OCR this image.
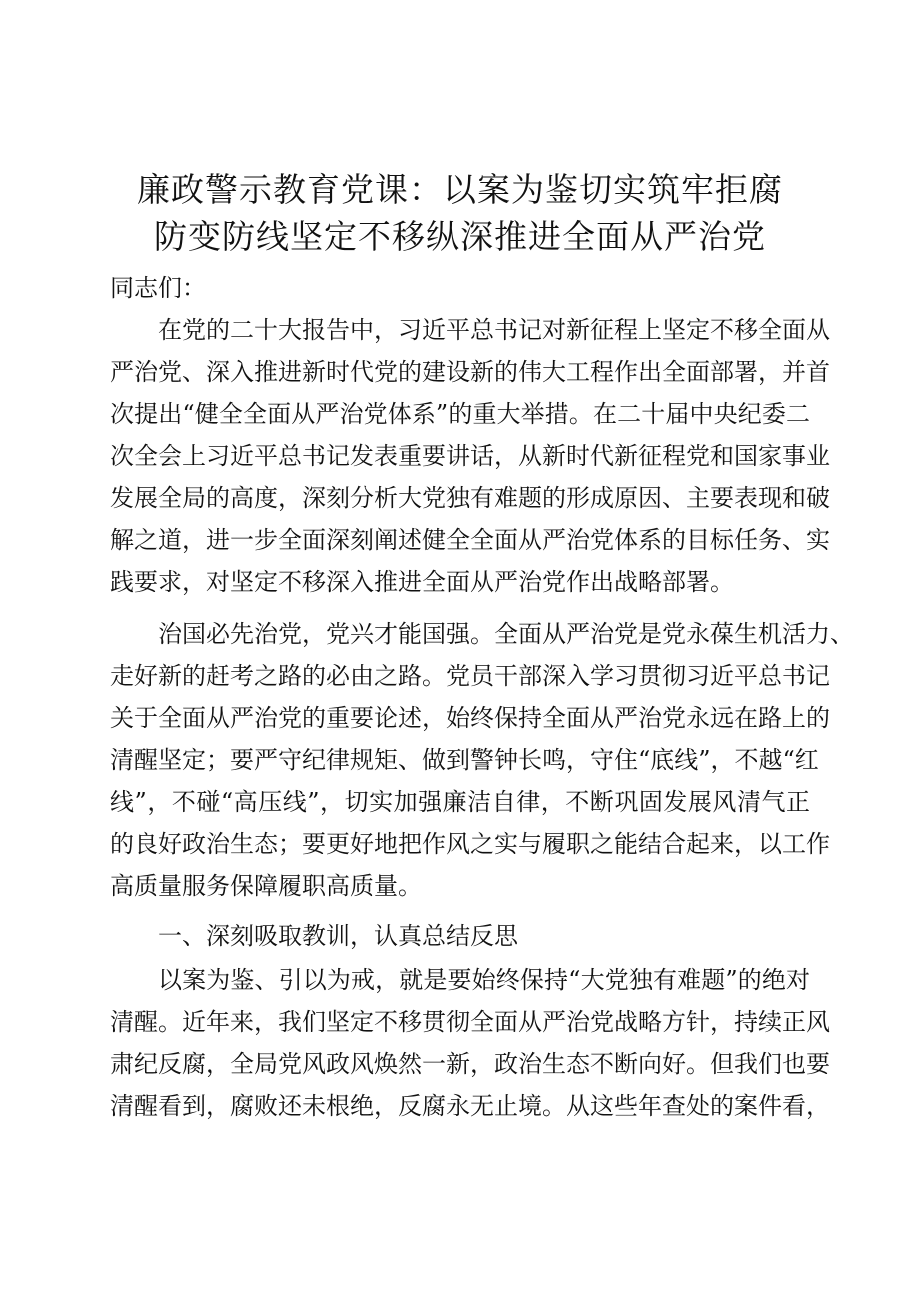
廉政警示教育党课：以案为鉴切实筑牢拒腐
防变防线坚定不移纵深推进全面从严治党
同志们：
在党的二十大报告中，习近平总书记对新征程上坚定不移全面从
严治党、深入推进新时代党的建设新的伟大工程作出全面部署，并首
次提出“健全全面从严治党体系”的重大举措。在二十届中央纪委二
次全会上习近平总书记发表重要讲话，从新时代新征程党和国家事业
发展全局的高度，深刻分析大党独有难题的形成原因、主要表现和破
解之道，进一步全面深刻阐述健全全面从严治党体系的目标任务、实
践要求，对坚定不移深入推进全面从严治党作出战略部署。
治国必先治党，党兴才能国强。全面从严治党是党永葆生机活力、
走好新的赶考之路的必由之路。党员干部深入学习贯彻习近平总书记
关于全面从严治党的重要论述，始终保持全面从严治党永远在路上的
清醒坚定；要严守纪律规矩、做到警钟长鸣，守住“底线”，不越“红
线”，不碰“高压线”，切实加强廉洁自律，不断巩固发展风清气正
的良好政治生态；要更好地把作风之实与履职之能结合起来，以工作
高质量服务保障履职高质量。
一、深刻吸取教训，认真总结反思
以案为鉴、引以为戒，就是要始终保持“大党独有难题”的绝对
清醒。近年来，我们坚定不移贯彻全面从严治党战略方针，持续正风
肃纪反腐，全局党风政风焕然一新，政治生态不断向好。但我们也要
清醒看到，腐败还未根绝，反腐永无止境。从这些年查处的案件看，
